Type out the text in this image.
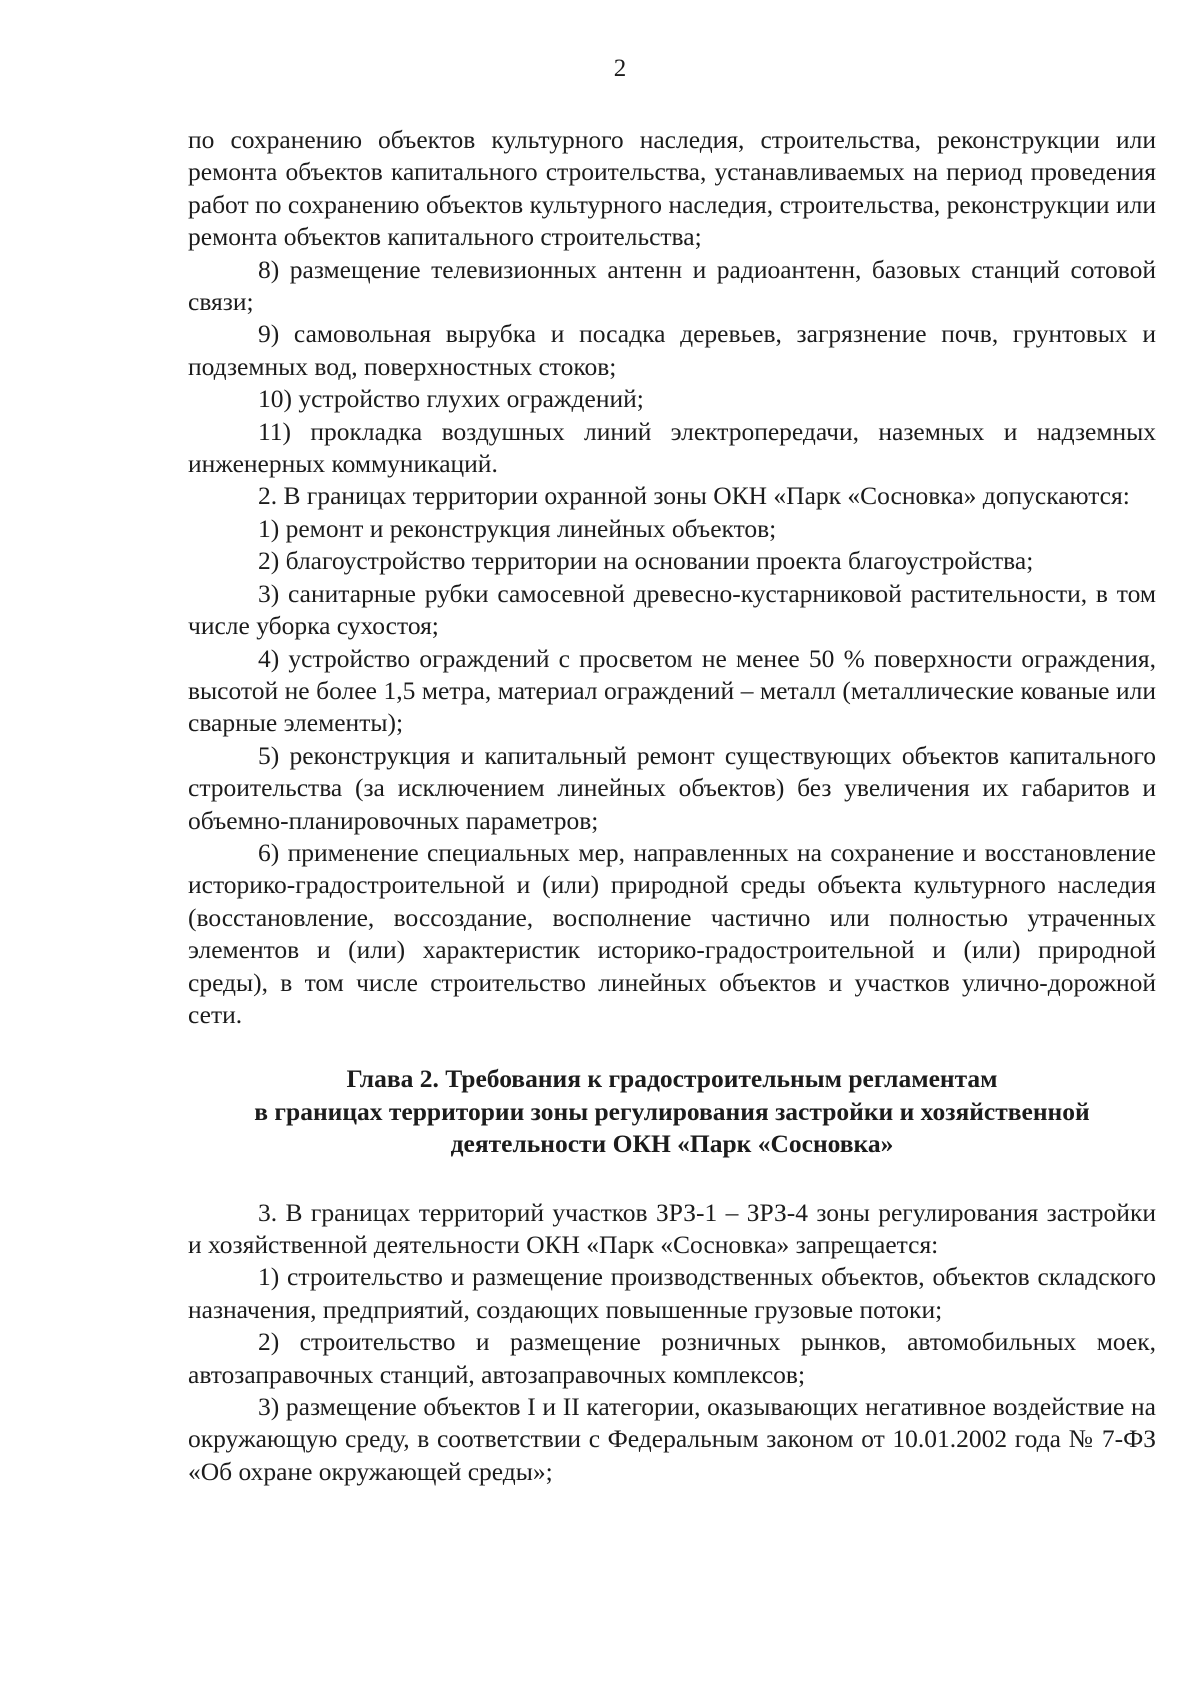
2

по сохранению объектов культурного наследия, строительства, реконструкции или ремонта объектов капитального строительства, устанавливаемых на период проведения работ по сохранению объектов культурного наследия, строительства, реконструкции или ремонта объектов капитального строительства;

8) размещение телевизионных антенн и радиоантенн, базовых станций сотовой связи;

9) самовольная вырубка и посадка деревьев, загрязнение почв, грунтовых и подземных вод, поверхностных стоков;

10) устройство глухих ограждений;

11) прокладка воздушных линий электропередачи, наземных и надземных инженерных коммуникаций.

2. В границах территории охранной зоны ОКН «Парк «Сосновка» допускаются:

1) ремонт и реконструкция линейных объектов;

2) благоустройство территории на основании проекта благоустройства;

3) санитарные рубки самосевной древесно-кустарниковой растительности, в том числе уборка сухостоя;

4) устройство ограждений с просветом не менее 50 % поверхности ограждения, высотой не более 1,5 метра, материал ограждений – металл (металлические кованые или сварные элементы);

5) реконструкция и капитальный ремонт существующих объектов капитального строительства (за исключением линейных объектов) без увеличения их габаритов и объемно-планировочных параметров;

6) применение специальных мер, направленных на сохранение и восстановление историко-градостроительной и (или) природной среды объекта культурного наследия (восстановление, воссоздание, восполнение частично или полностью утраченных элементов и (или) характеристик историко-градостроительной и (или) природной среды), в том числе строительство линейных объектов и участков улично-дорожной сети.

Глава 2. Требования к градостроительным регламентам
в границах территории зоны регулирования застройки и хозяйственной
деятельности ОКН «Парк «Сосновка»

3. В границах территорий участков ЗРЗ-1 – ЗРЗ-4 зоны регулирования застройки и хозяйственной деятельности ОКН «Парк «Сосновка» запрещается:

1) строительство и размещение производственных объектов, объектов складского назначения, предприятий, создающих повышенные грузовые потоки;

2) строительство и размещение розничных рынков, автомобильных моек, автозаправочных станций, автозаправочных комплексов;

3) размещение объектов I и II категории, оказывающих негативное воздействие на окружающую среду, в соответствии с Федеральным законом от 10.01.2002 года № 7-ФЗ «Об охране окружающей среды»;
